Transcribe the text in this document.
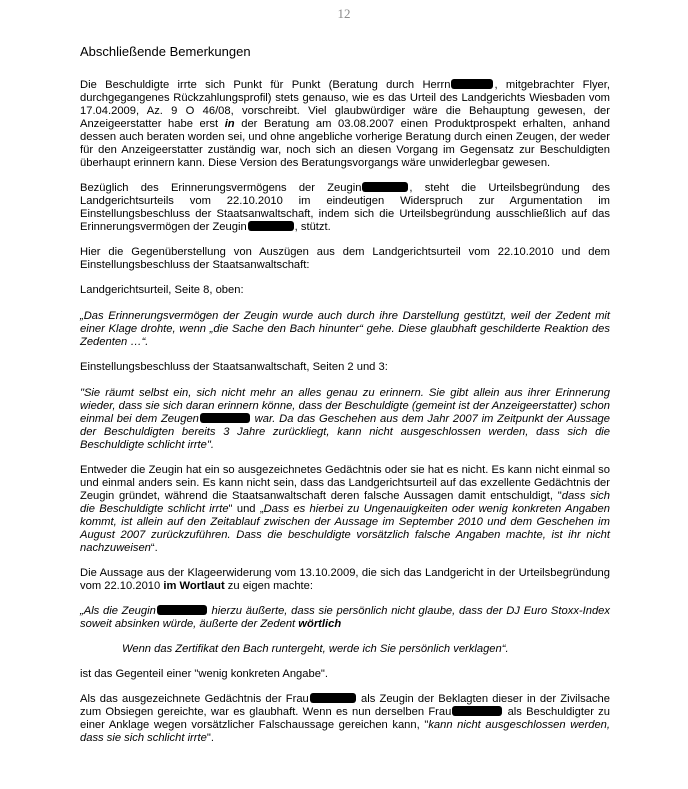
12
Abschließende Bemerkungen

Die Beschuldigte irrte sich Punkt für Punkt (Beratung durch Herrn	, mitgebrachter Flyer, durchgegangenes Rückzahlungsprofil) stets genauso, wie es das Urteil des Landgerichts Wiesbaden vom 17.04.2009, Az. 9 O 46/08, vorschreibt. Viel glaubwürdiger wäre die Behauptung gewesen, der Anzeigeerstatter habe erst in der Beratung am 03.08.2007 einen Produktprospekt erhalten, anhand dessen auch beraten worden sei, und ohne angebliche vorherige Beratung durch einen Zeugen, der weder für den Anzeigeerstatter zuständig war, noch sich an diesen Vorgang im Gegensatz zur Beschuldigten überhaupt erinnern kann. Diese Version des Beratungsvorgangs wäre unwiderlegbar gewesen.

Bezüglich des Erinnerungsvermögens der Zeugin	, steht die Urteilsbegründung des Landgerichtsurteils vom 22.10.2010 im eindeutigen Widerspruch zur Argumentation im Einstellungsbeschluss der Staatsanwaltschaft, indem sich die Urteilsbegründung ausschließlich auf das Erinnerungsvermögen der Zeugin	, stützt.

Hier die Gegenüberstellung von Auszügen aus dem Landgerichtsurteil vom 22.10.2010 und dem Einstellungsbeschluss der Staatsanwaltschaft:

Landgerichtsurteil, Seite 8, oben:

„Das Erinnerungsvermögen der Zeugin wurde auch durch ihre Darstellung gestützt, weil der Zedent mit einer Klage drohte, wenn „die Sache den Bach hinunter“ gehe. Diese glaubhaft geschilderte Reaktion des Zedenten …“.

Einstellungsbeschluss der Staatsanwaltschaft, Seiten 2 und 3:

"Sie räumt selbst ein, sich nicht mehr an alles genau zu erinnern. Sie gibt allein aus ihrer Erinnerung wieder, dass sie sich daran erinnern könne, dass der Beschuldigte (gemeint ist der Anzeigeerstatter) schon einmal bei dem Zeugen	war. Da das Geschehen aus dem Jahr 2007 im Zeitpunkt der Aussage der Beschuldigten bereits 3 Jahre zurückliegt, kann nicht ausgeschlossen werden, dass sich die Beschuldigte schlicht irrte".

Entweder die Zeugin hat ein so ausgezeichnetes Gedächtnis oder sie hat es nicht. Es kann nicht einmal so und einmal anders sein. Es kann nicht sein, dass das Landgerichtsurteil auf das exzellente Gedächtnis der Zeugin gründet, während die Staatsanwaltschaft deren falsche Aussagen damit entschuldigt, "dass sich die Beschuldigte schlicht irrte" und „Dass es hierbei zu Ungenauigkeiten oder wenig konkreten Angaben kommt, ist allein auf den Zeitablauf zwischen der Aussage im September 2010 und dem Geschehen im August 2007 zurückzuführen. Dass die beschuldigte vorsätzlich falsche Angaben machte, ist ihr nicht nachzuweisen“.

Die Aussage aus der Klageerwiderung vom 13.10.2009, die sich das Landgericht in der Urteilsbegründung vom 22.10.2010 im Wortlaut zu eigen machte:

„Als die Zeugin	hierzu äußerte, dass sie persönlich nicht glaube, dass der DJ Euro Stoxx-Index soweit absinken würde, äußerte der Zedent wörtlich

Wenn das Zertifikat den Bach runtergeht, werde ich Sie persönlich verklagen“.

ist das Gegenteil einer "wenig konkreten Angabe".

Als das ausgezeichnete Gedächtnis der Frau	als Zeugin der Beklagten dieser in der Zivilsache zum Obsiegen gereichte, war es glaubhaft. Wenn es nun derselben Frau	als Beschuldigter zu einer Anklage wegen vorsätzlicher Falschaussage gereichen kann, "kann nicht ausgeschlossen werden, dass sie sich schlicht irrte".
